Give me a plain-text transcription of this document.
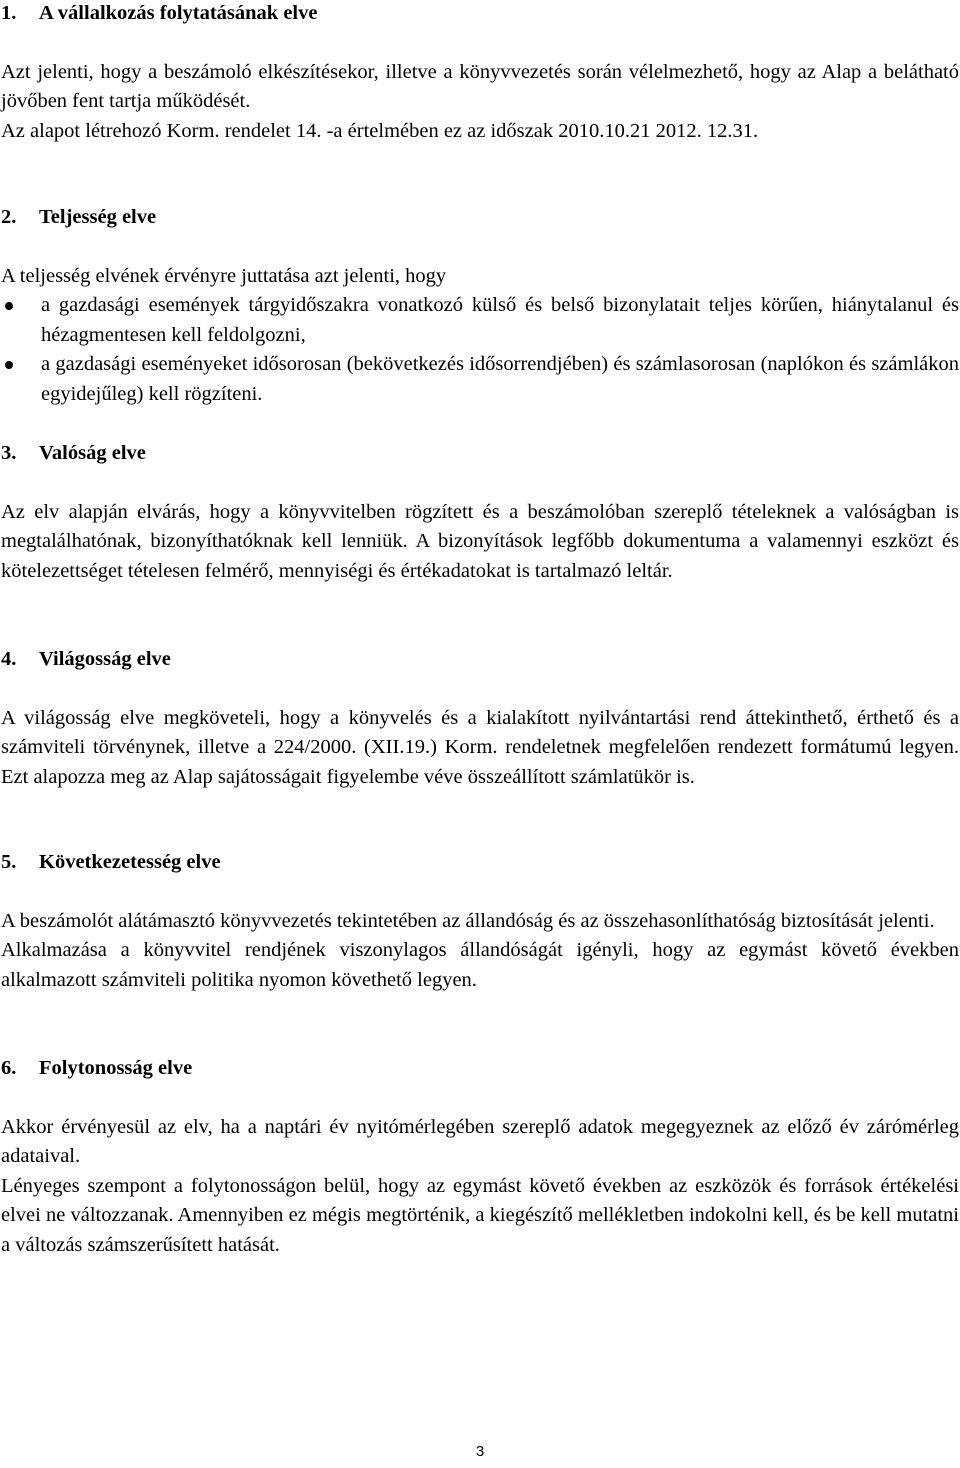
1. A vállalkozás folytatásának elve

Azt jelenti, hogy a beszámoló elkészítésekor, illetve a könyvvezetés során vélelmezhető, hogy az Alap a belátható jövőben fent tartja működését.

Az alapot létrehozó Korm. rendelet 14. -a értelmében ez az időszak 2010.10.21 2012. 12.31.

2. Teljesség elve

A teljesség elvének érvényre juttatása azt jelenti, hogy

a gazdasági események tárgyidőszakra vonatkozó külső és belső bizonylatait teljes körűen, hiánytalanul és hézagmentesen kell feldolgozni,
a gazdasági eseményeket idősorosan (bekövetkezés idősorrendjében) és számlasorosan (naplókon és számlákon egyidejűleg) kell rögzíteni.

3. Valóság elve

Az elv alapján elvárás, hogy a könyvvitelben rögzített és a beszámolóban szereplő tételeknek a valóságban is megtalálhatónak, bizonyíthatóknak kell lenniük. A bizonyítások legfőbb dokumentuma a valamennyi eszközt és kötelezettséget tételesen felmérő, mennyiségi és értékadatokat is tartalmazó leltár.

4. Világosság elve

A világosság elve megköveteli, hogy a könyvelés és a kialakított nyilvántartási rend áttekinthető, érthető és a számviteli törvénynek, illetve a 224/2000. (XII.19.) Korm. rendeletnek megfelelően rendezett formátumú legyen. Ezt alapozza meg az Alap sajátosságait figyelembe véve összeállított számlatükör is.

5. Következetesség elve

A beszámolót alátámasztó könyvvezetés tekintetében az állandóság és az összehasonlíthatóság biztosítását jelenti.

Alkalmazása a könyvvitel rendjének viszonylagos állandóságát igényli, hogy az egymást követő években alkalmazott számviteli politika nyomon követhető legyen.

6. Folytonosság elve

Akkor érvényesül az elv, ha a naptári év nyitómérlegében szereplő adatok megegyeznek az előző év zárómérleg adataival.

Lényeges szempont a folytonosságon belül, hogy az egymást követő években az eszközök és források értékelési elvei ne változzanak. Amennyiben ez mégis megtörténik, a kiegészítő mellékletben indokolni kell, és be kell mutatni a változás számszerűsített hatását.

3
